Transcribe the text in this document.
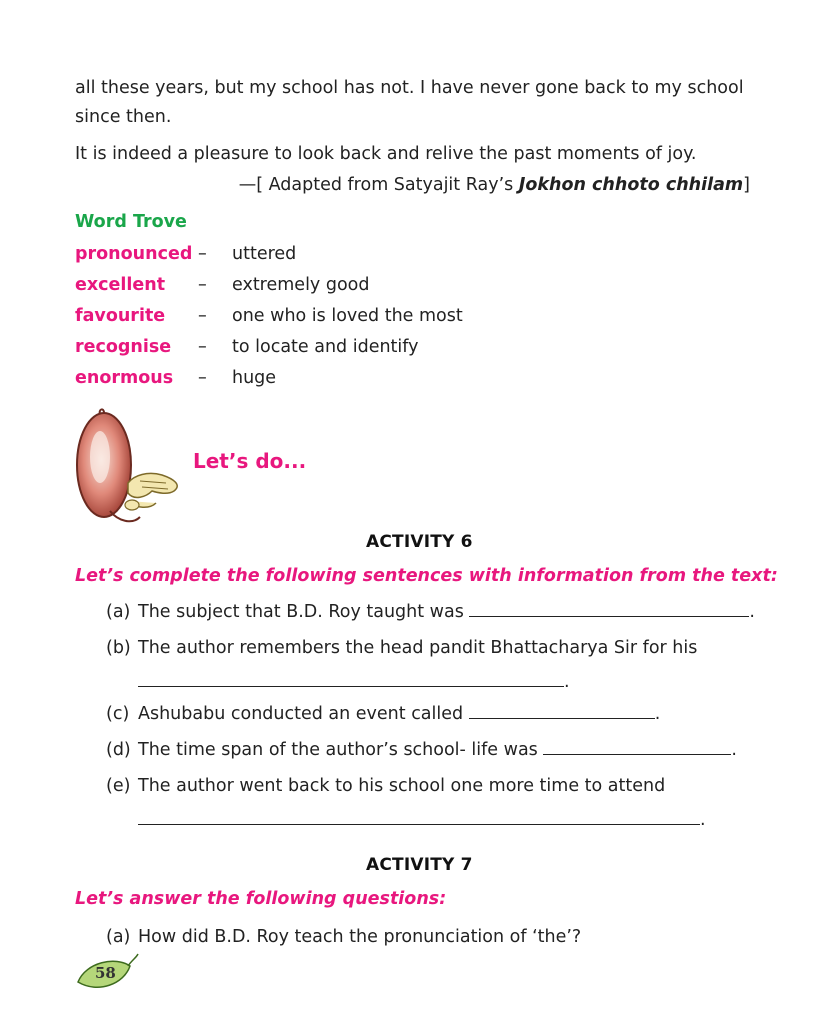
all these years, but my school has not. I have never gone back to my school since then.
It is indeed a pleasure to look back and relive the past moments of joy.
—[ Adapted from Satyajit Ray’s Jokhon chhoto chhilam]
Word Trove
pronounced – uttered
excellent – extremely good
favourite – one who is loved the most
recognise – to locate and identify
enormous – huge
Let’s do...
ACTIVITY 6
Let’s complete the following sentences with information from the text:
(a) The subject that B.D. Roy taught was	.
(b) The author remembers the head pandit Bhattacharya Sir for his
.
(c) Ashubabu conducted an event called	.
(d) The time span of the author’s school- life was	.
(e) The author went back to his school one more time to attend
.
ACTIVITY 7
Let’s answer the following questions:
(a) How did B.D. Roy teach the pronunciation of ‘the’?
58
